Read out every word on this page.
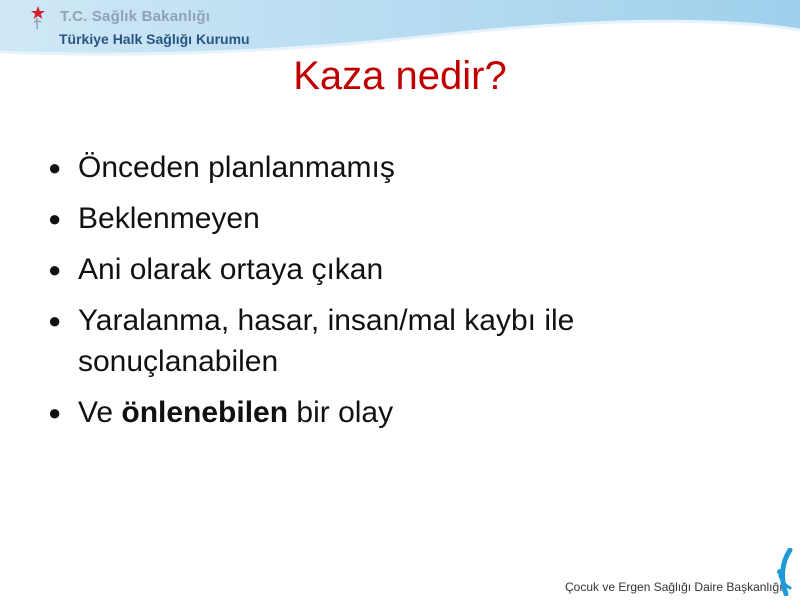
T.C. Sağlık Bakanlığı
Türkiye Halk Sağlığı Kurumu
Kaza nedir?
● Önceden planlanmamış
● Beklenmeyen
● Ani olarak ortaya çıkan
● Yaralanma, hasar, insan/mal kaybı ile sonuçlanabilen
● Ve önlenebilen bir olay
Çocuk ve Ergen Sağlığı Daire Başkanlığı
